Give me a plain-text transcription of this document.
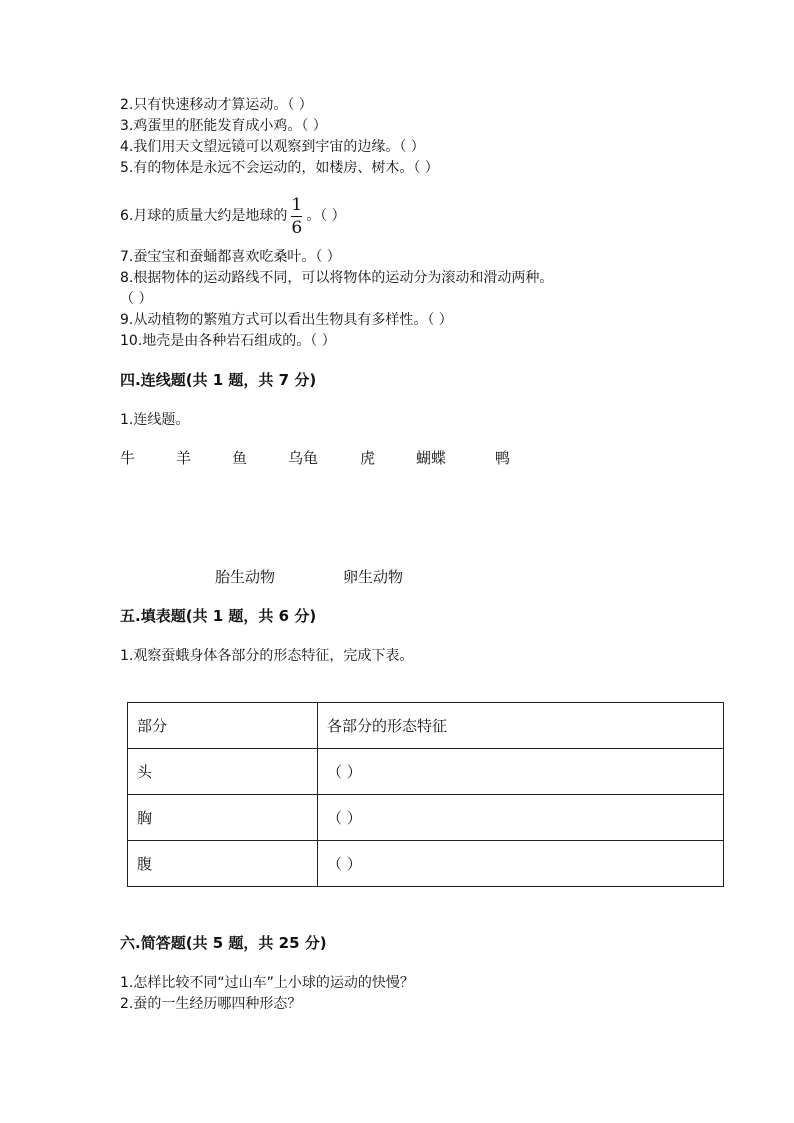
2.只有快速移动才算运动。（ ）
3.鸡蛋里的胚能发育成小鸡。（ ）
4.我们用天文望远镜可以观察到宇宙的边缘。（ ）
5.有的物体是永远不会运动的，如楼房、树木。（ ）
6.月球的质量大约是地球的 $\frac{1}{6}$ 。（ ）
7.蚕宝宝和蚕蛹都喜欢吃桑叶。（ ）
8.根据物体的运动路线不同，可以将物体的运动分为滚动和滑动两种。
（ ）
9.从动植物的繁殖方式可以看出生物具有多样性。（ ）
10.地壳是由各种岩石组成的。（ ）
四.连线题(共 1 题，共 7 分)
1.连线题。
牛	羊	鱼	乌龟	虎	蝴蝶	鸭
胎生动物	卵生动物
五.填表题(共 1 题，共 6 分)
1.观察蚕蛾身体各部分的形态特征，完成下表。
部分	各部分的形态特征
头	（ ）
胸	（ ）
腹	（ ）
六.简答题(共 5 题，共 25 分)
1.怎样比较不同“过山车”上小球的运动的快慢？
2.蚕的一生经历哪四种形态？
